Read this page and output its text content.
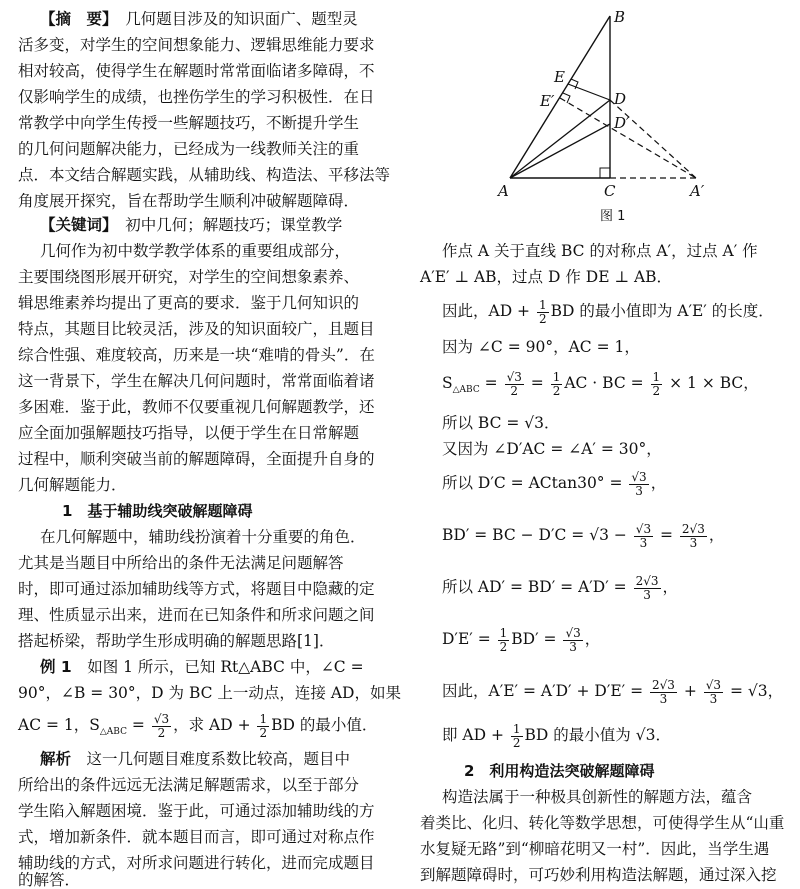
【摘　要】　 几何题目涉及的知识面广、题型灵
活多变，对学生的空间想象能力、逻辑思维能力要求
相对较高，使得学生在解题时常常面临诸多障碍，不
仅影响学生的成绩，也挫伤学生的学习积极性．在日
常教学中向学生传授一些解题技巧，不断提升学生
的几何问题解决能力，已经成为一线教师关注的重
点．本文结合解题实践，从辅助线、构造法、平移法等
角度展开探究，旨在帮助学生顺利冲破解题障碍．
【关键词】　 初中几何；解题技巧；课堂教学
几何作为初中数学教学体系的重要组成部分，
主要围绕图形展开研究，对学生的空间想象素养、
辑思维素养均提出了更高的要求．鉴于几何知识的
特点，其题目比较灵活，涉及的知识面较广，且题目
综合性强、难度较高，历来是一块“难啃的骨头”．在
这一背景下，学生在解决几何问题时，常常面临着诸
多困难．鉴于此，教师不仅要重视几何解题教学，还
应全面加强解题技巧指导，以便于学生在日常解题
过程中，顺利突破当前的解题障碍，全面提升自身的
几何解题能力．
1　基于辅助线突破解题障碍
在几何解题中，辅助线扮演着十分重要的角色．
尤其是当题目中所给出的条件无法满足问题解答
时，即可通过添加辅助线等方式，将题目中隐藏的定
理、性质显示出来，进而在已知条件和所求问题之间
搭起桥梁，帮助学生形成明确的解题思路[1]．
例 1　 如图 1 所示，已知 Rt△ABC 中，∠C =
90°，∠B = 30°，D 为 BC 上一动点，连接 AD，如果
AC = 1，$S_{\triangle ABC} = \frac{√3}{2}$ ，求 AD + $\frac{1}{2}$ BD 的最小值．
解析　 这一几何题目难度系数比较高，题目中
所给出的条件远远无法满足解题需求，以至于部分
学生陷入解题困境．鉴于此，可通过添加辅助线的方
式，增加新条件．就本题目而言，即可通过对称点作
辅助线的方式，对所求问题进行转化，进而完成题目
的解答．
B
E
E′	D
D′
A	C	A′
图 1
作点 A 关于直线 BC 的对称点 A′，过点 A′ 作
A′E′ ⊥ AB，过点 D 作 DE ⊥ AB．
因此，AD + $\frac{1}{2}$ BD 的最小值即为 A′E′ 的长度．
因为 ∠C = 90°，AC = 1，
$S_{\triangle ABC} = \frac{√3}{2} = \frac{1}{2}$ AC · BC = $\frac{1}{2} \times 1$ × BC，
所以 BC = √3．
又因为 ∠D′AC = ∠A′ = 30°，
所以 $D'C = ACtan30^\circ = \frac{√3}{3}$ ，
BD′ = BC − $D'C = √3 - \frac{√3}{3} = \frac{2√3}{3}$ ，
所以 $AD' = BD' = A'D' = \frac{2√3}{3}$ ，
$D'E' = \frac{1}{2} BD' = \frac{√3}{3}$ ，
因此，$A'E' = A'D' + D'E' = \frac{2√3}{3} + \frac{√3}{3} = √3$，
即 AD + $\frac{1}{2}$ BD 的最小值为 √3．
2　利用构造法突破解题障碍
构造法属于一种极具创新性的解题方法，蕴含
着类比、化归、转化等数学思想，可使得学生从“山重
水复疑无路”到“柳暗花明又一村”．因此，当学生遇
到解题障碍时，可巧妙利用构造法解题，通过深入挖
